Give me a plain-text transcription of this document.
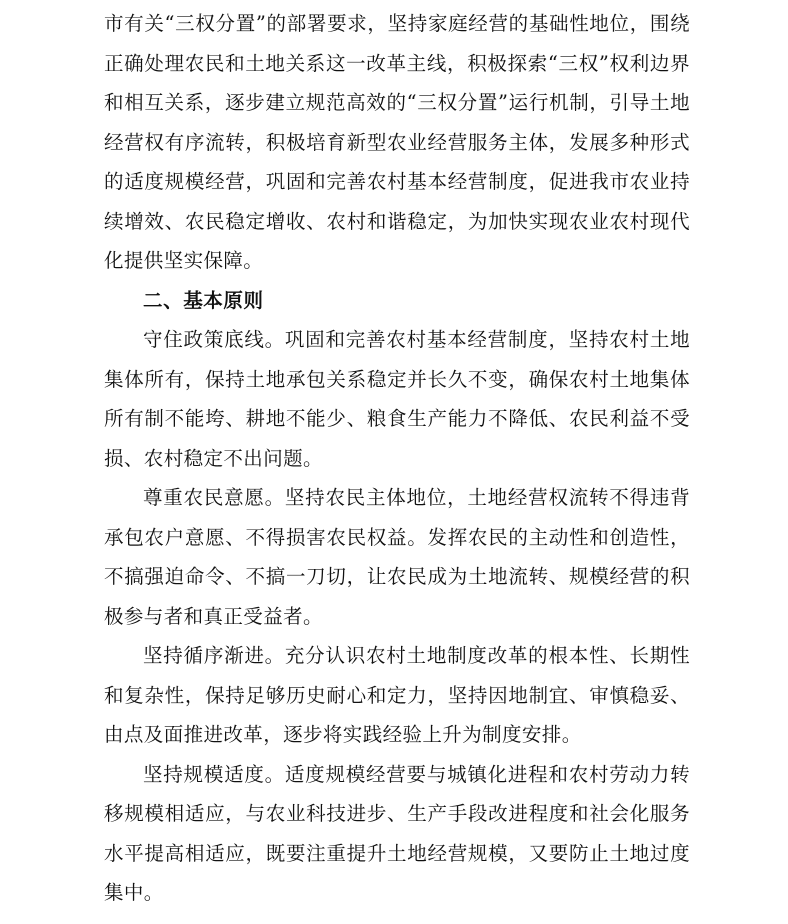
市有关“三权分置”的部署要求，坚持家庭经营的基础性地位，围绕正确处理农民和土地关系这一改革主线，积极探索“三权”权利边界和相互关系，逐步建立规范高效的“三权分置”运行机制，引导土地经营权有序流转，积极培育新型农业经营服务主体，发展多种形式的适度规模经营，巩固和完善农村基本经营制度，促进我市农业持续增效、农民稳定增收、农村和谐稳定，为加快实现农业农村现代化提供坚实保障。

二、基本原则

守住政策底线。巩固和完善农村基本经营制度，坚持农村土地集体所有，保持土地承包关系稳定并长久不变，确保农村土地集体所有制不能垮、耕地不能少、粮食生产能力不降低、农民利益不受损、农村稳定不出问题。

尊重农民意愿。坚持农民主体地位，土地经营权流转不得违背承包农户意愿、不得损害农民权益。发挥农民的主动性和创造性，不搞强迫命令、不搞一刀切，让农民成为土地流转、规模经营的积极参与者和真正受益者。

坚持循序渐进。充分认识农村土地制度改革的根本性、长期性和复杂性，保持足够历史耐心和定力，坚持因地制宜、审慎稳妥、由点及面推进改革，逐步将实践经验上升为制度安排。

坚持规模适度。适度规模经营要与城镇化进程和农村劳动力转移规模相适应，与农业科技进步、生产手段改进程度和社会化服务水平提高相适应，既要注重提升土地经营规模，又要防止土地过度集中。
